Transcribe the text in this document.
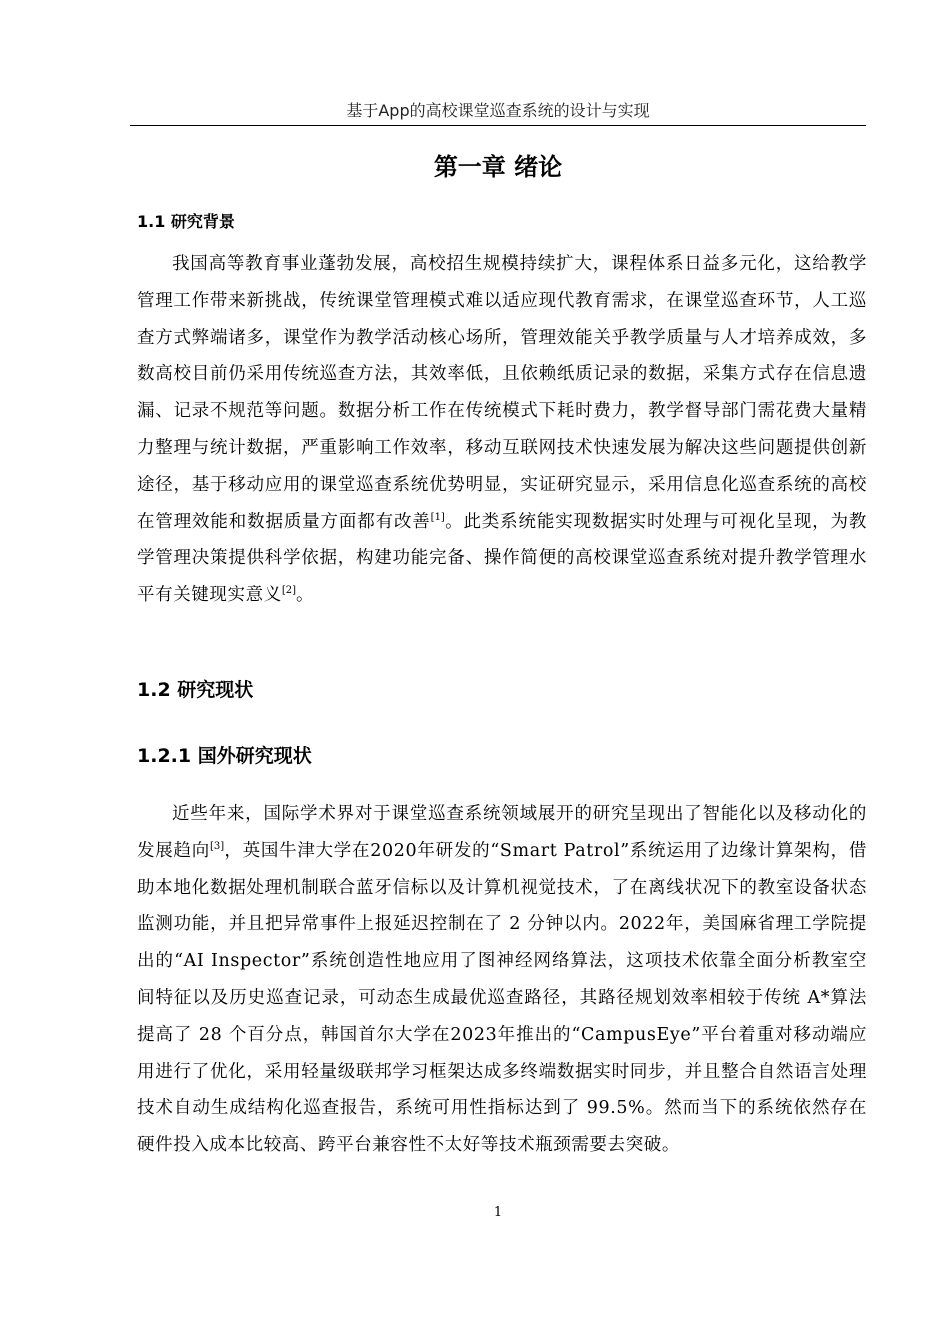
基于App的高校课堂巡查系统的设计与实现
第一章 绪论
1.1 研究背景

我国高等教育事业蓬勃发展，高校招生规模持续扩大，课程体系日益多元化，这给教学管理工作带来新挑战，传统课堂管理模式难以适应现代教育需求，在课堂巡查环节，人工巡查方式弊端诸多，课堂作为教学活动核心场所，管理效能关乎教学质量与人才培养成效，多数高校目前仍采用传统巡查方法，其效率低，且依赖纸质记录的数据，采集方式存在信息遗漏、记录不规范等问题。数据分析工作在传统模式下耗时费力，教学督导部门需花费大量精力整理与统计数据，严重影响工作效率，移动互联网技术快速发展为解决这些问题提供创新途径，基于移动应用的课堂巡查系统优势明显，实证研究显示，采用信息化巡查系统的高校在管理效能和数据质量方面都有改善[1]。此类系统能实现数据实时处理与可视化呈现，为教学管理决策提供科学依据，构建功能完备、操作简便的高校课堂巡查系统对提升教学管理水平有关键现实意义[2]。

1.2 研究现状
1.2.1 国外研究现状

近些年来，国际学术界对于课堂巡查系统领域展开的研究呈现出了智能化以及移动化的发展趋向[3]，英国牛津大学在2020年研发的“Smart Patrol”系统运用了边缘计算架构，借助本地化数据处理机制联合蓝牙信标以及计算机视觉技术，了在离线状况下的教室设备状态监测功能，并且把异常事件上报延迟控制在了 2 分钟以内。2022年，美国麻省理工学院提出的“AI Inspector”系统创造性地应用了图神经网络算法，这项技术依靠全面分析教室空间特征以及历史巡查记录，可动态生成最优巡查路径，其路径规划效率相较于传统 A*算法提高了 28 个百分点，韩国首尔大学在2023年推出的“CampusEye”平台着重对移动端应用进行了优化，采用轻量级联邦学习框架达成多终端数据实时同步，并且整合自然语言处理技术自动生成结构化巡查报告，系统可用性指标达到了 99.5%。然而当下的系统依然存在硬件投入成本比较高、跨平台兼容性不太好等技术瓶颈需要去突破。

1
